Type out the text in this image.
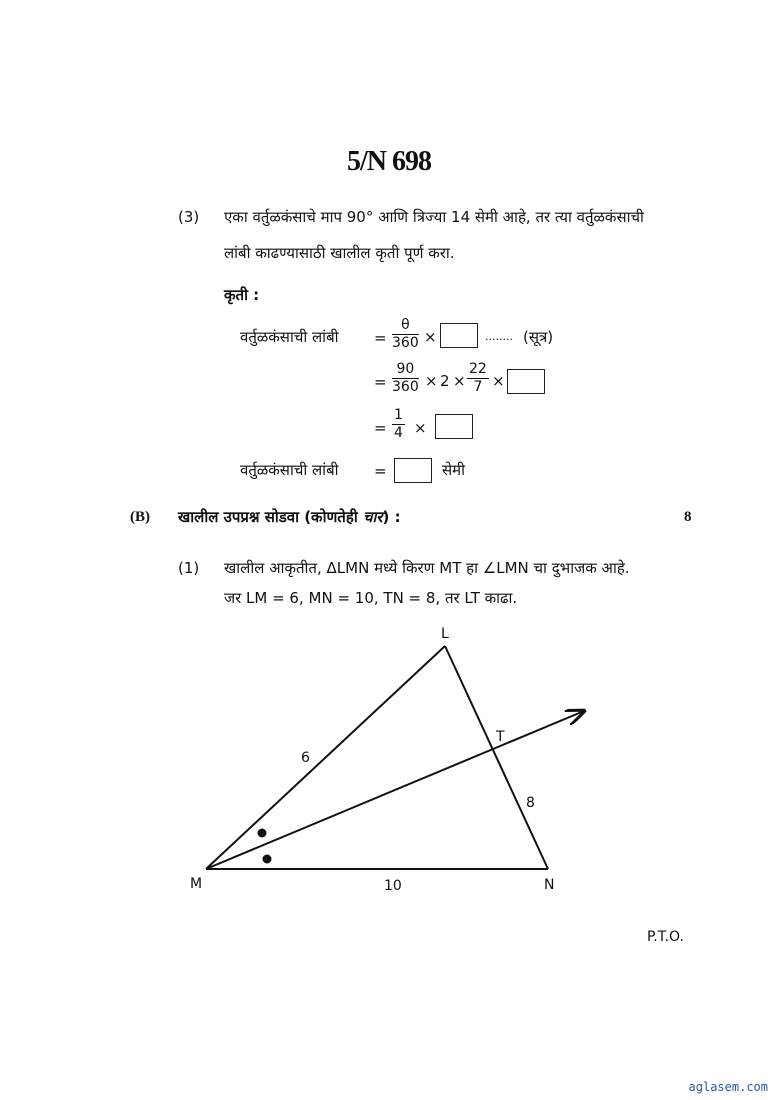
5/N 698
(3) एका वर्तुळकंसाचे माप 90° आणि त्रिज्या 14 सेमी आहे, तर त्या वर्तुळकंसाची
लांबी काढण्यासाठी खालील कृती पूर्ण करा.
कृती :
वर्तुळकंसाची लांबी = $\frac{\theta}{360}$ ×	........ (सूत्र)
= $\frac{90}{360} \times 2 \times \frac{22}{7}$ ×
= $\frac{1}{4}$ ×
वर्तुळकंसाची लांबी =	सेमी
(B) खालील उपप्रश्न सोडवा (कोणतेही चार) :	8
(1) खालील आकृतीत, ΔLMN मध्ये किरण MT हा ∠LMN चा दुभाजक आहे.
जर LM = 6, MN = 10, TN = 8, तर LT काढा.
L
M	N
T
6
10
8
P.T.O.
aglasem.com
